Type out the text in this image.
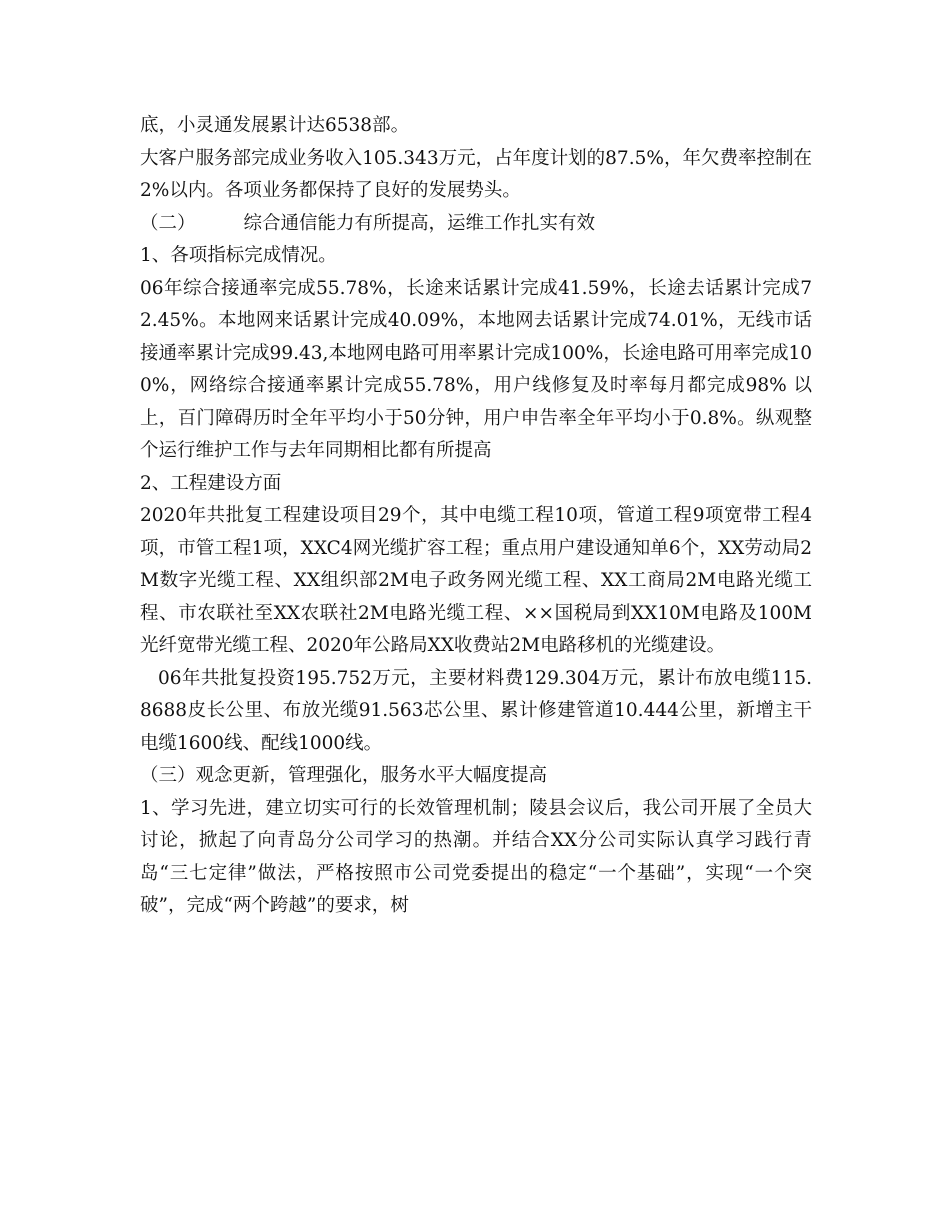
底，小灵通发展累计达6538部。

大客户服务部完成业务收入105.343万元，占年度计划的87.5%，年欠费率控制在2%以内。各项业务都保持了良好的发展势头。

（二）	综合通信能力有所提高，运维工作扎实有效

1、各项指标完成情况。

06年综合接通率完成55.78%，长途来话累计完成41.59%，长途去话累计完成72.45%。本地网来话累计完成40.09%，本地网去话累计完成74.01%，无线市话接通率累计完成99.43,本地网电路可用率累计完成100%，长途电路可用率完成100%，网络综合接通率累计完成55.78%，用户线修复及时率每月都完成98% 以上，百门障碍历时全年平均小于50分钟，用户申告率全年平均小于0.8%。纵观整个运行维护工作与去年同期相比都有所提高

2、工程建设方面

2020年共批复工程建设项目29个，其中电缆工程10项，管道工程9项宽带工程4项，市管工程1项，XXC4网光缆扩容工程；重点用户建设通知单6个，XX劳动局2M数字光缆工程、XX组织部2M电子政务网光缆工程、XX工商局2M电路光缆工程、市农联社至XX农联社2M电路光缆工程、××国税局到XX10M电路及100M光纤宽带光缆工程、2020年公路局XX收费站2M电路移机的光缆建设。

06年共批复投资195.752万元，主要材料费129.304万元，累计布放电缆115.8688皮长公里、布放光缆91.563芯公里、累计修建管道10.444公里，新增主干电缆1600线、配线1000线。

（三）观念更新，管理强化，服务水平大幅度提高

1、学习先进，建立切实可行的长效管理机制；陵县会议后，我公司开展了全员大讨论，掀起了向青岛分公司学习的热潮。并结合XX分公司实际认真学习践行青岛“三七定律”做法，严格按照市公司党委提出的稳定“一个基础”，实现“一个突破”，完成“两个跨越”的要求，树
